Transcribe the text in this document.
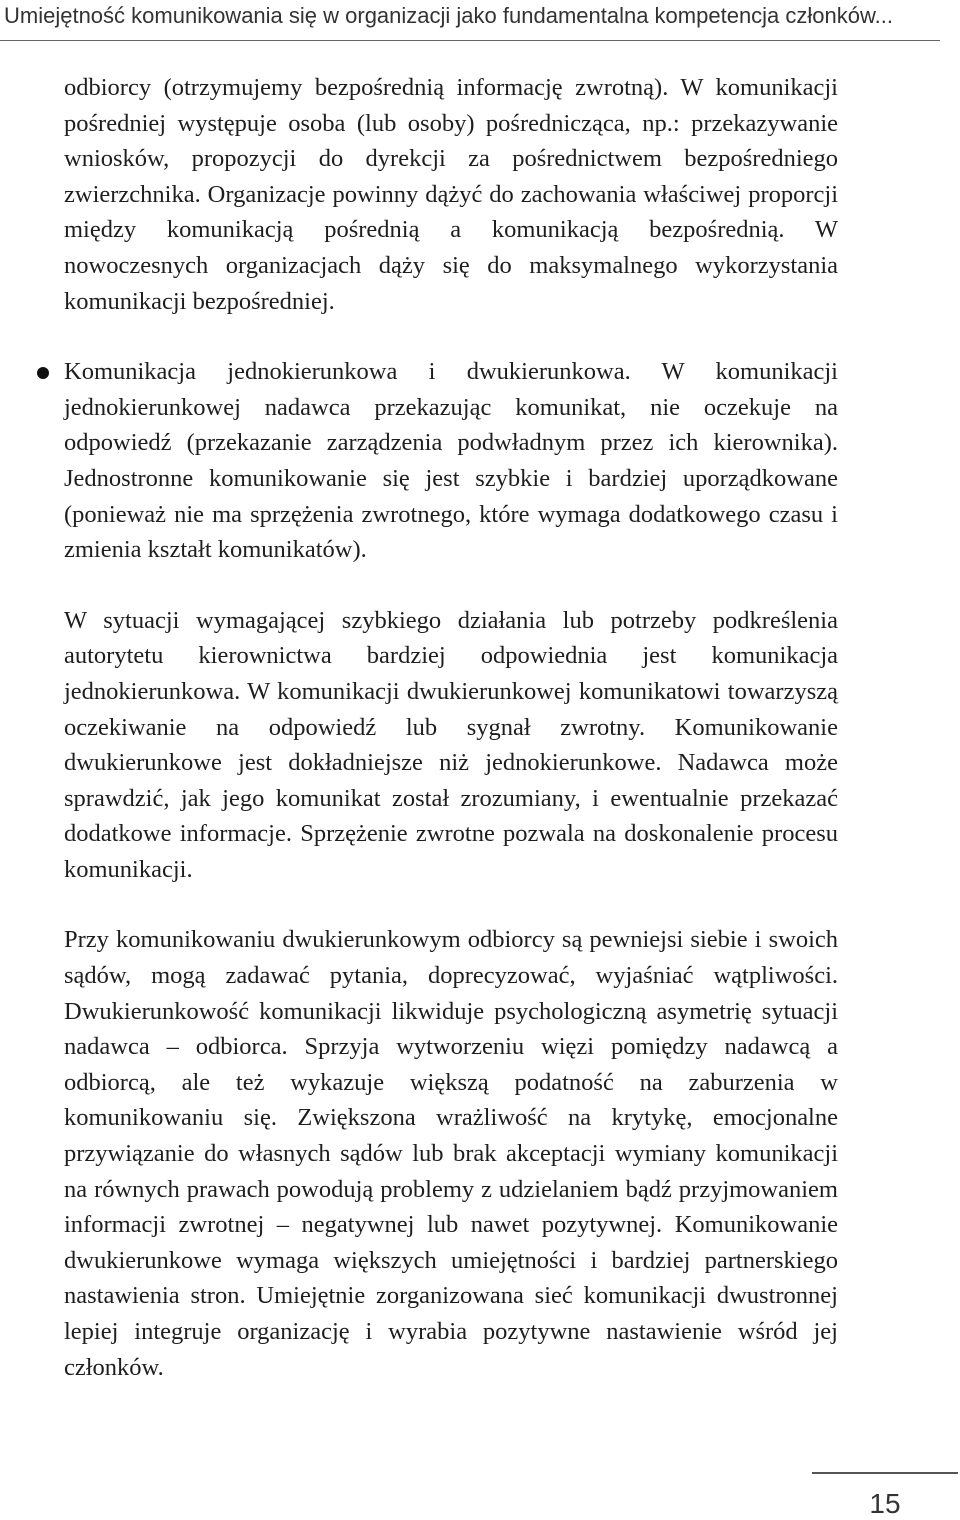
Umiejętność komunikowania się w organizacji jako fundamentalna kompetencja członków...

odbiorcy (otrzymujemy bezpośrednią informację zwrotną). W komunikacji pośredniej występuje osoba (lub osoby) pośrednicząca, np.: przekazywanie wniosków, propozycji do dyrekcji za pośrednictwem bezpośredniego zwierzchnika. Organizacje powinny dążyć do zachowania właściwej proporcji między komunikacją pośrednią a komunikacją bezpośrednią. W nowoczesnych organizacjach dąży się do maksymalnego wykorzystania komunikacji bezpośredniej.

Komunikacja jednokierunkowa i dwukierunkowa. W komunikacji jednokierunkowej nadawca przekazując komunikat, nie oczekuje na odpowiedź (przekazanie zarządzenia podwładnym przez ich kierownika). Jednostronne komunikowanie się jest szybkie i bardziej uporządkowane (ponieważ nie ma sprzężenia zwrotnego, które wymaga dodatkowego czasu i zmienia kształt komunikatów).

W sytuacji wymagającej szybkiego działania lub potrzeby podkreślenia autorytetu kierownictwa bardziej odpowiednia jest komunikacja jednokierunkowa. W komunikacji dwukierunkowej komunikatowi towarzyszą oczekiwanie na odpowiedź lub sygnał zwrotny. Komunikowanie dwukierunkowe jest dokładniejsze niż jednokierunkowe. Nadawca może sprawdzić, jak jego komunikat został zrozumiany, i ewentualnie przekazać dodatkowe informacje. Sprzężenie zwrotne pozwala na doskonalenie procesu komunikacji.

Przy komunikowaniu dwukierunkowym odbiorcy są pewniejsi siebie i swoich sądów, mogą zadawać pytania, doprecyzować, wyjaśniać wątpliwości. Dwukierunkowość komunikacji likwiduje psychologiczną asymetrię sytuacji nadawca – odbiorca. Sprzyja wytworzeniu więzi pomiędzy nadawcą a odbiorcą, ale też wykazuje większą podatność na zaburzenia w komunikowaniu się. Zwiększona wrażliwość na krytykę, emocjonalne przywiązanie do własnych sądów lub brak akceptacji wymiany komunikacji na równych prawach powodują problemy z udzielaniem bądź przyjmowaniem informacji zwrotnej – negatywnej lub nawet pozytywnej. Komunikowanie dwukierunkowe wymaga większych umiejętności i bardziej partnerskiego nastawienia stron. Umiejętnie zorganizowana sieć komunikacji dwustronnej lepiej integruje organizację i wyrabia pozytywne nastawienie wśród jej członków.

15
